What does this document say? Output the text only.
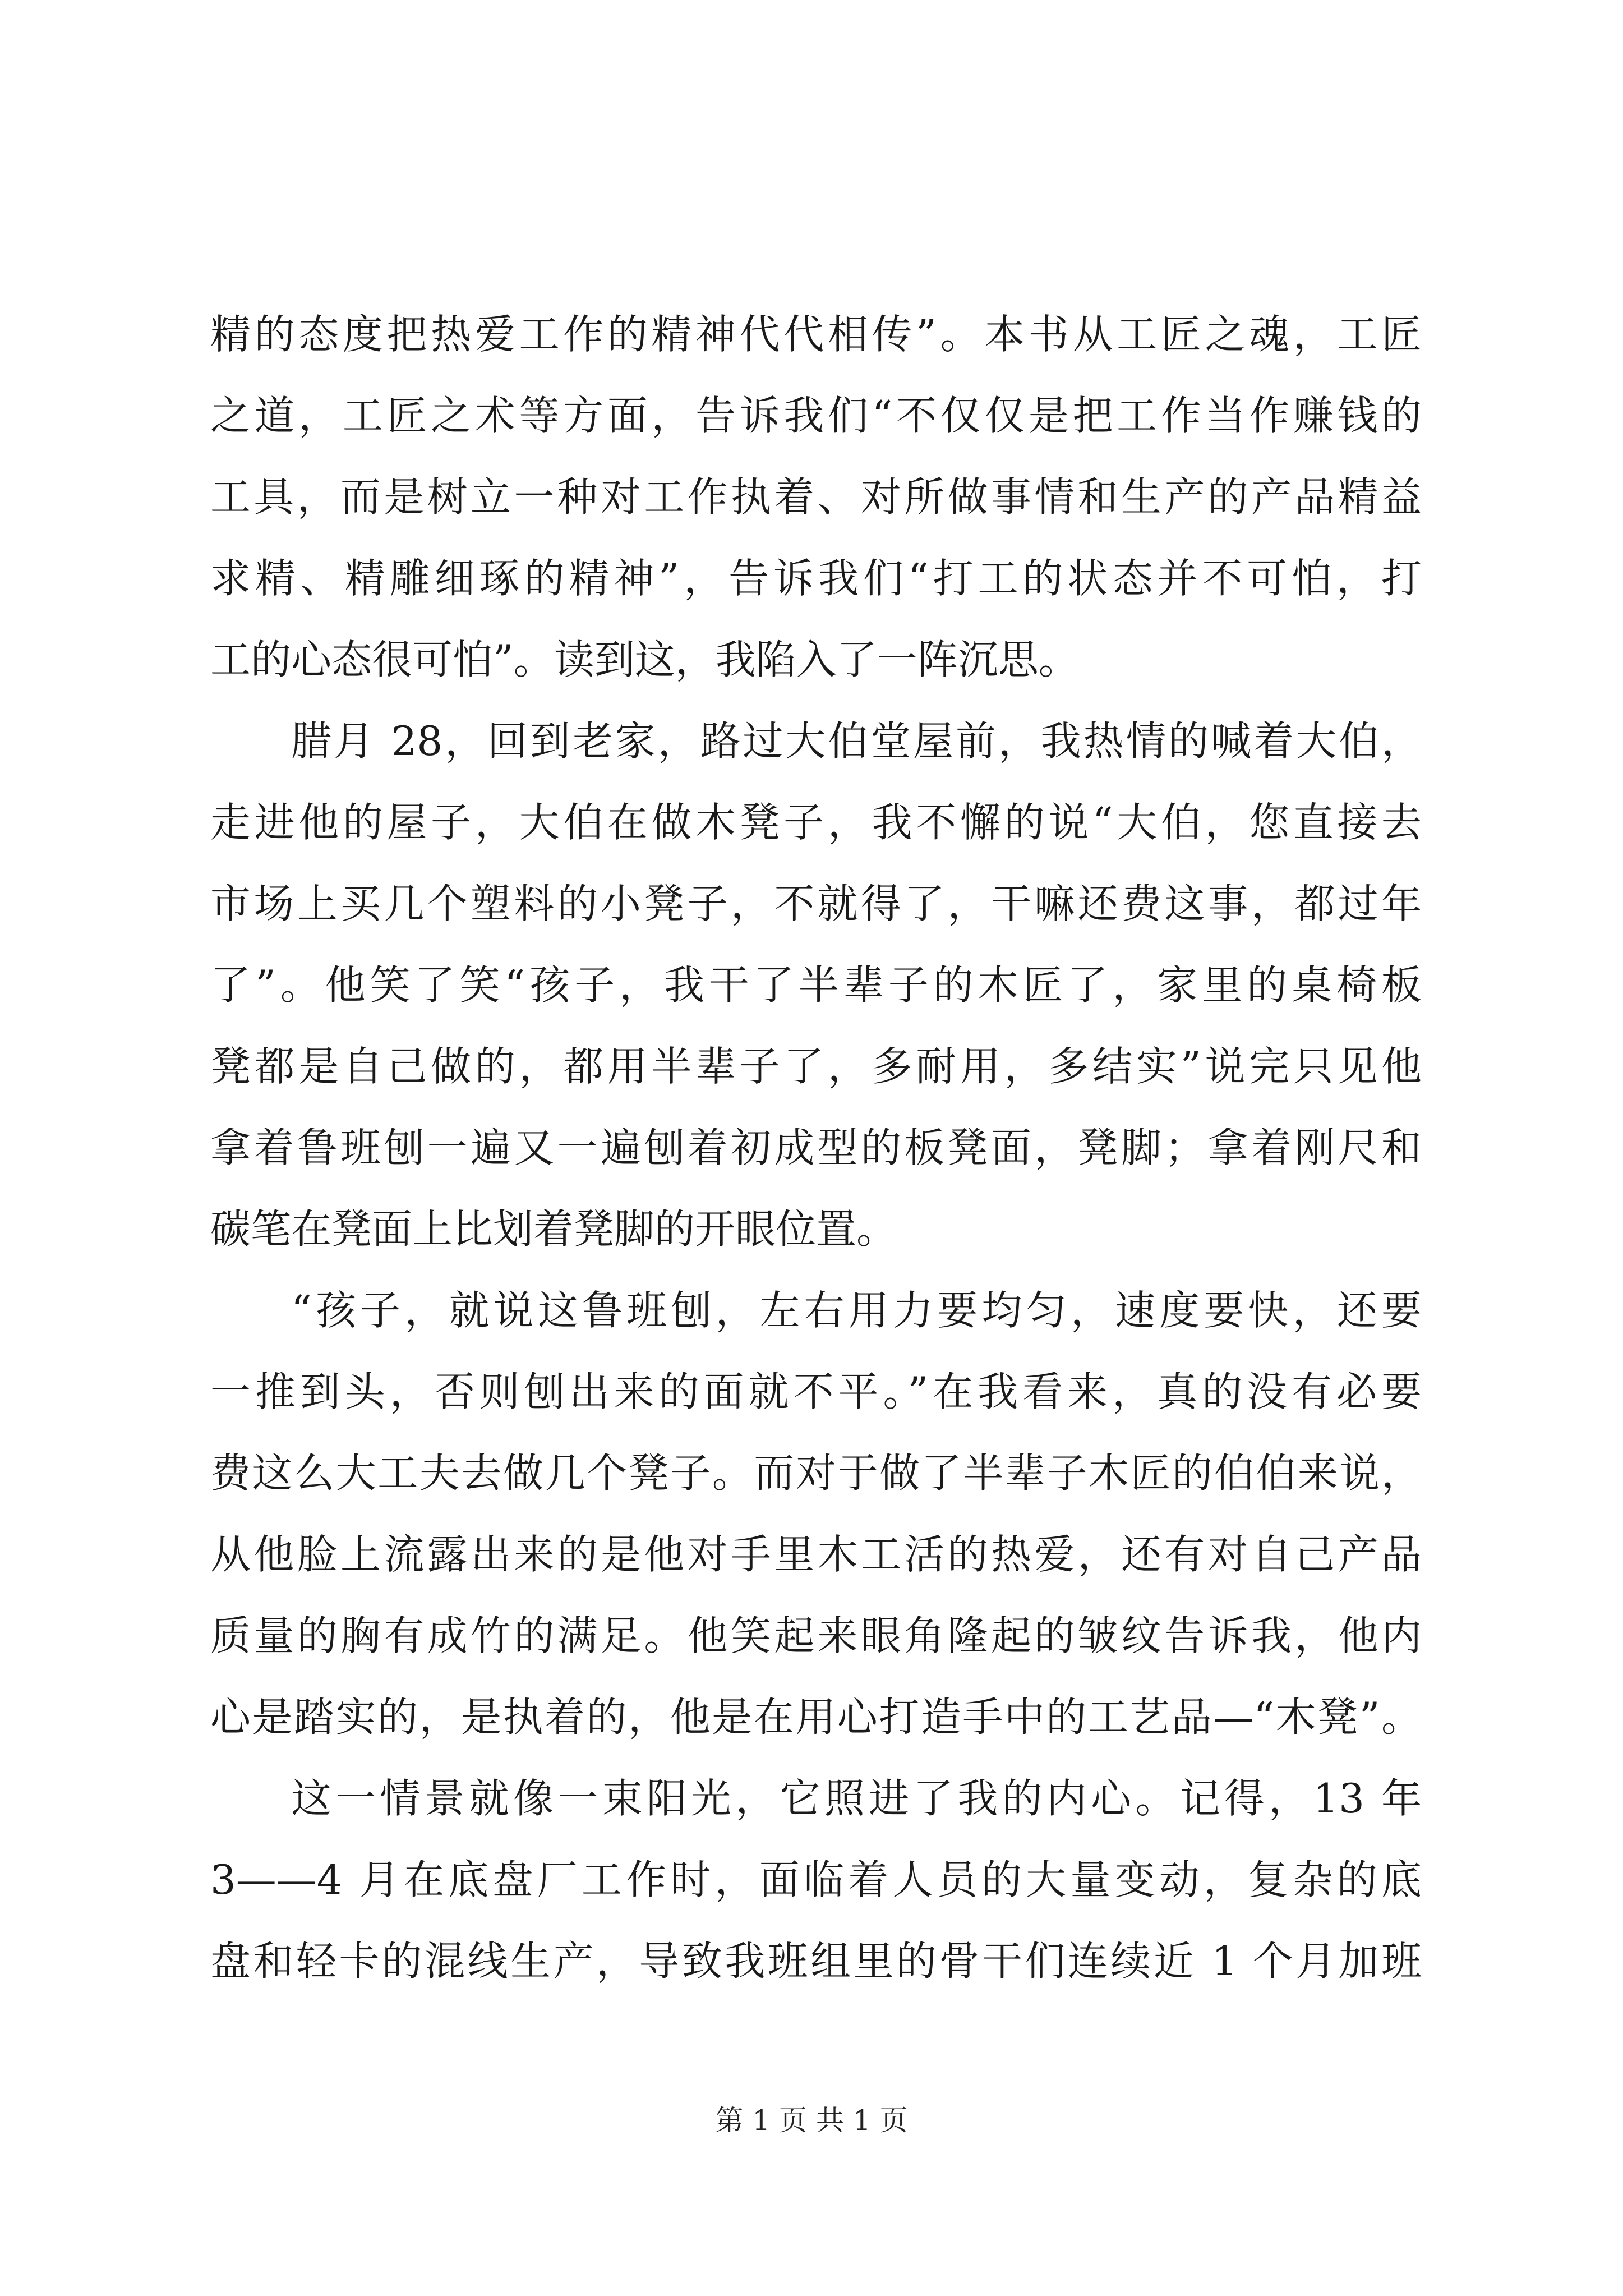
精的态度把热爱工作的精神代代相传”。本书从工匠之魂，工匠
之道，工匠之术等方面，告诉我们“不仅仅是把工作当作赚钱的
工具，而是树立一种对工作执着、对所做事情和生产的产品精益
求精、精雕细琢的精神”，告诉我们“打工的状态并不可怕，打
工的心态很可怕”。读到这，我陷入了一阵沉思。
腊月 28，回到老家，路过大伯堂屋前，我热情的喊着大伯，
走进他的屋子，大伯在做木凳子，我不懈的说“大伯，您直接去
市场上买几个塑料的小凳子，不就得了，干嘛还费这事，都过年
了”。他笑了笑“孩子，我干了半辈子的木匠了，家里的桌椅板
凳都是自己做的，都用半辈子了，多耐用，多结实”说完只见他
拿着鲁班刨一遍又一遍刨着初成型的板凳面，凳脚；拿着刚尺和
碳笔在凳面上比划着凳脚的开眼位置。
“孩子，就说这鲁班刨，左右用力要均匀，速度要快，还要
一推到头，否则刨出来的面就不平。”在我看来，真的没有必要
费这么大工夫去做几个凳子。而对于做了半辈子木匠的伯伯来说，
从他脸上流露出来的是他对手里木工活的热爱，还有对自己产品
质量的胸有成竹的满足。他笑起来眼角隆起的皱纹告诉我，他内
心是踏实的，是执着的，他是在用心打造手中的工艺品—“木凳”。
这一情景就像一束阳光，它照进了我的内心。记得，13 年
3——4 月在底盘厂工作时，面临着人员的大量变动，复杂的底
盘和轻卡的混线生产，导致我班组里的骨干们连续近 1 个月加班
第 1 页 共 1 页
